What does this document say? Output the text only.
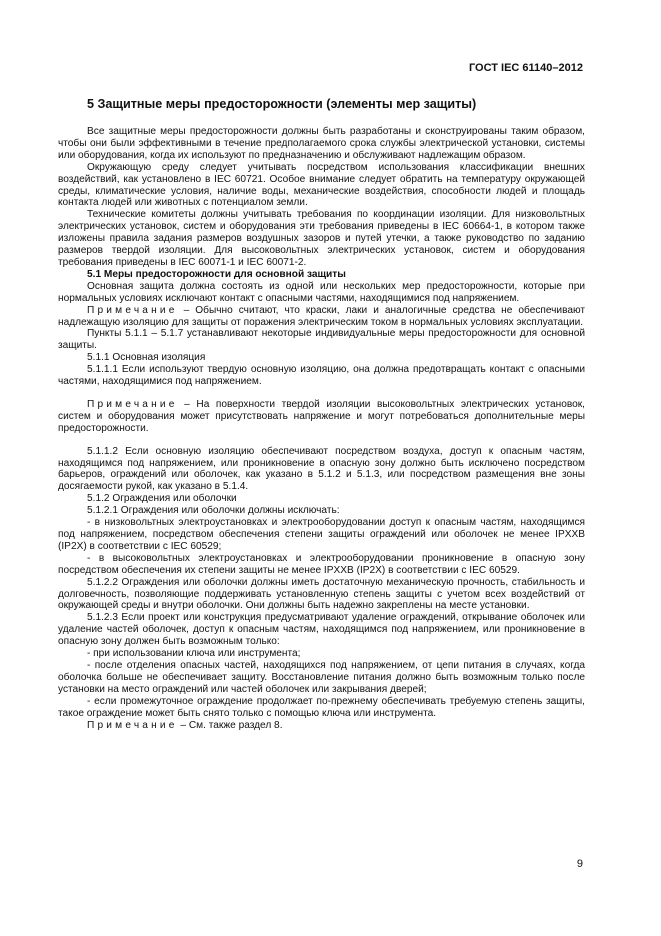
ГОСТ IEC 61140–2012
5 Защитные меры предосторожности (элементы мер защиты)

Все защитные меры предосторожности должны быть разработаны и сконструированы таким образом, чтобы они были эффективными в течение предполагаемого срока службы электрической установки, системы или оборудования, когда их используют по предназначению и обслуживают надлежащим образом.

Окружающую среду следует учитывать посредством использования классификации внешних воздействий, как установлено в IEC 60721. Особое внимание следует обратить на температуру окружающей среды, климатические условия, наличие воды, механические воздействия, способности людей и площадь контакта людей или животных с потенциалом земли.

Технические комитеты должны учитывать требования по координации изоляции. Для низковольтных электрических установок, систем и оборудования эти требования приведены в IEC 60664-1, в котором также изложены правила задания размеров воздушных зазоров и путей утечки, а также руководство по заданию размеров твердой изоляции. Для высоковольтных электрических установок, систем и оборудования требования приведены в IEC 60071-1 и IEC 60071-2.

5.1 Меры предосторожности для основной защиты

Основная защита должна состоять из одной или нескольких мер предосторожности, которые при нормальных условиях исключают контакт с опасными частями, находящимися под напряжением.

Примечание – Обычно считают, что краски, лаки и аналогичные средства не обеспечивают надлежащую изоляцию для защиты от поражения электрическим током в нормальных условиях эксплуатации.

Пункты 5.1.1 – 5.1.7 устанавливают некоторые индивидуальные меры предосторожности для основной защиты.

5.1.1 Основная изоляция

5.1.1.1 Если используют твердую основную изоляцию, она должна предотвращать контакт с опасными частями, находящимися под напряжением.

Примечание – На поверхности твердой изоляции высоковольтных электрических установок, систем и оборудования может присутствовать напряжение и могут потребоваться дополнительные меры предосторожности.

5.1.1.2 Если основную изоляцию обеспечивают посредством воздуха, доступ к опасным частям, находящимся под напряжением, или проникновение в опасную зону должно быть исключено посредством барьеров, ограждений или оболочек, как указано в 5.1.2 и 5.1.3, или посредством размещения вне зоны досягаемости рукой, как указано в 5.1.4.

5.1.2 Ограждения или оболочки

5.1.2.1 Ограждения или оболочки должны исключать:

- в низковольтных электроустановках и электрооборудовании доступ к опасным частям, находящимся под напряжением, посредством обеспечения степени защиты ограждений или оболочек не менее IPXXB (IP2X) в соответствии с IEC 60529;

- в высоковольтных электроустановках и электрооборудовании проникновение в опасную зону посредством обеспечения их степени защиты не менее IPXXB (IP2X) в соответствии с IEC 60529.

5.1.2.2 Ограждения или оболочки должны иметь достаточную механическую прочность, стабильность и долговечность, позволяющие поддерживать установленную степень защиты с учетом всех воздействий от окружающей среды и внутри оболочки. Они должны быть надежно закреплены на месте установки.

5.1.2.3 Если проект или конструкция предусматривают удаление ограждений, открывание оболочек или удаление частей оболочек, доступ к опасным частям, находящимся под напряжением, или проникновение в опасную зону должен быть возможным только:

- при использовании ключа или инструмента;

- после отделения опасных частей, находящихся под напряжением, от цепи питания в случаях, когда оболочка больше не обеспечивает защиту. Восстановление питания должно быть возможным только после установки на место ограждений или частей оболочек или закрывания дверей;

- если промежуточное ограждение продолжает по-прежнему обеспечивать требуемую степень защиты, такое ограждение может быть снято только с помощью ключа или инструмента.

Примечание – См. также раздел 8.

9
